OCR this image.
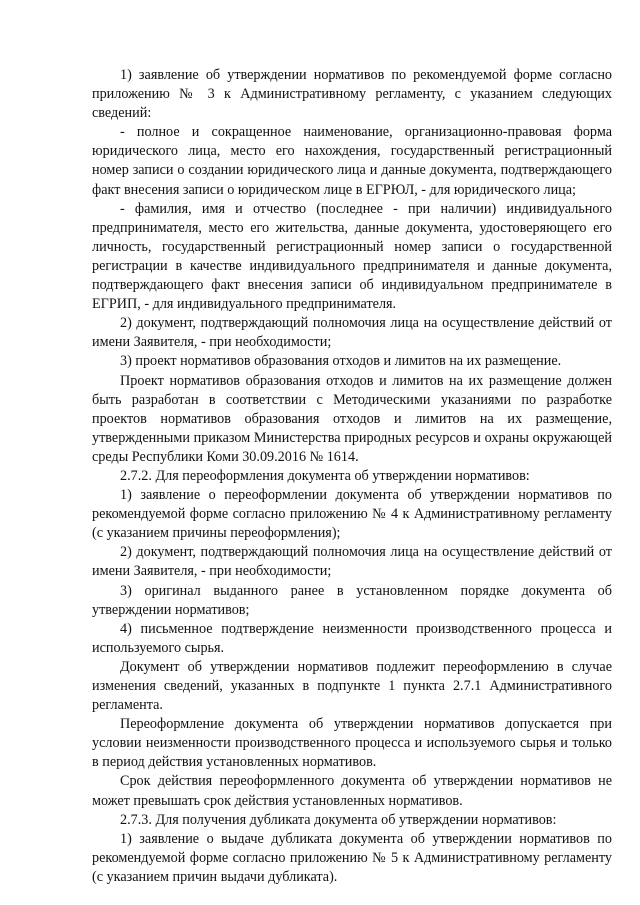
1) заявление об утверждении нормативов по рекомендуемой форме согласно приложению № 3 к Административному регламенту, с указанием следующих сведений:

- полное и сокращенное наименование, организационно-правовая форма юридического лица, место его нахождения, государственный регистрационный номер записи о создании юридического лица и данные документа, подтверждающего факт внесения записи о юридическом лице в ЕГРЮЛ, - для юридического лица;

- фамилия, имя и отчество (последнее - при наличии) индивидуального предпринимателя, место его жительства, данные документа, удостоверяющего его личность, государственный регистрационный номер записи о государственной регистрации в качестве индивидуального предпринимателя и данные документа, подтверждающего факт внесения записи об индивидуальном предпринимателе в ЕГРИП, - для индивидуального предпринимателя.

2) документ, подтверждающий полномочия лица на осуществление действий от имени Заявителя, - при необходимости;

3) проект нормативов образования отходов и лимитов на их размещение.

Проект нормативов образования отходов и лимитов на их размещение должен быть разработан в соответствии с Методическими указаниями по разработке проектов нормативов образования отходов и лимитов на их размещение, утвержденными приказом Министерства природных ресурсов и охраны окружающей среды Республики Коми 30.09.2016 № 1614.

2.7.2. Для переоформления документа об утверждении нормативов:

1) заявление о переоформлении документа об утверждении нормативов по рекомендуемой форме согласно приложению № 4 к Административному регламенту (с указанием причины переоформления);

2) документ, подтверждающий полномочия лица на осуществление действий от имени Заявителя, - при необходимости;

3) оригинал выданного ранее в установленном порядке документа об утверждении нормативов;

4) письменное подтверждение неизменности производственного процесса и используемого сырья.

Документ об утверждении нормативов подлежит переоформлению в случае изменения сведений, указанных в подпункте 1 пункта 2.7.1 Административного регламента.

Переоформление документа об утверждении нормативов допускается при условии неизменности производственного процесса и используемого сырья и только в период действия установленных нормативов.

Срок действия переоформленного документа об утверждении нормативов не может превышать срок действия установленных нормативов.

2.7.3. Для получения дубликата документа об утверждении нормативов:

1) заявление о выдаче дубликата документа об утверждении нормативов по рекомендуемой форме согласно приложению № 5 к Административному регламенту (с указанием причин выдачи дубликата).
